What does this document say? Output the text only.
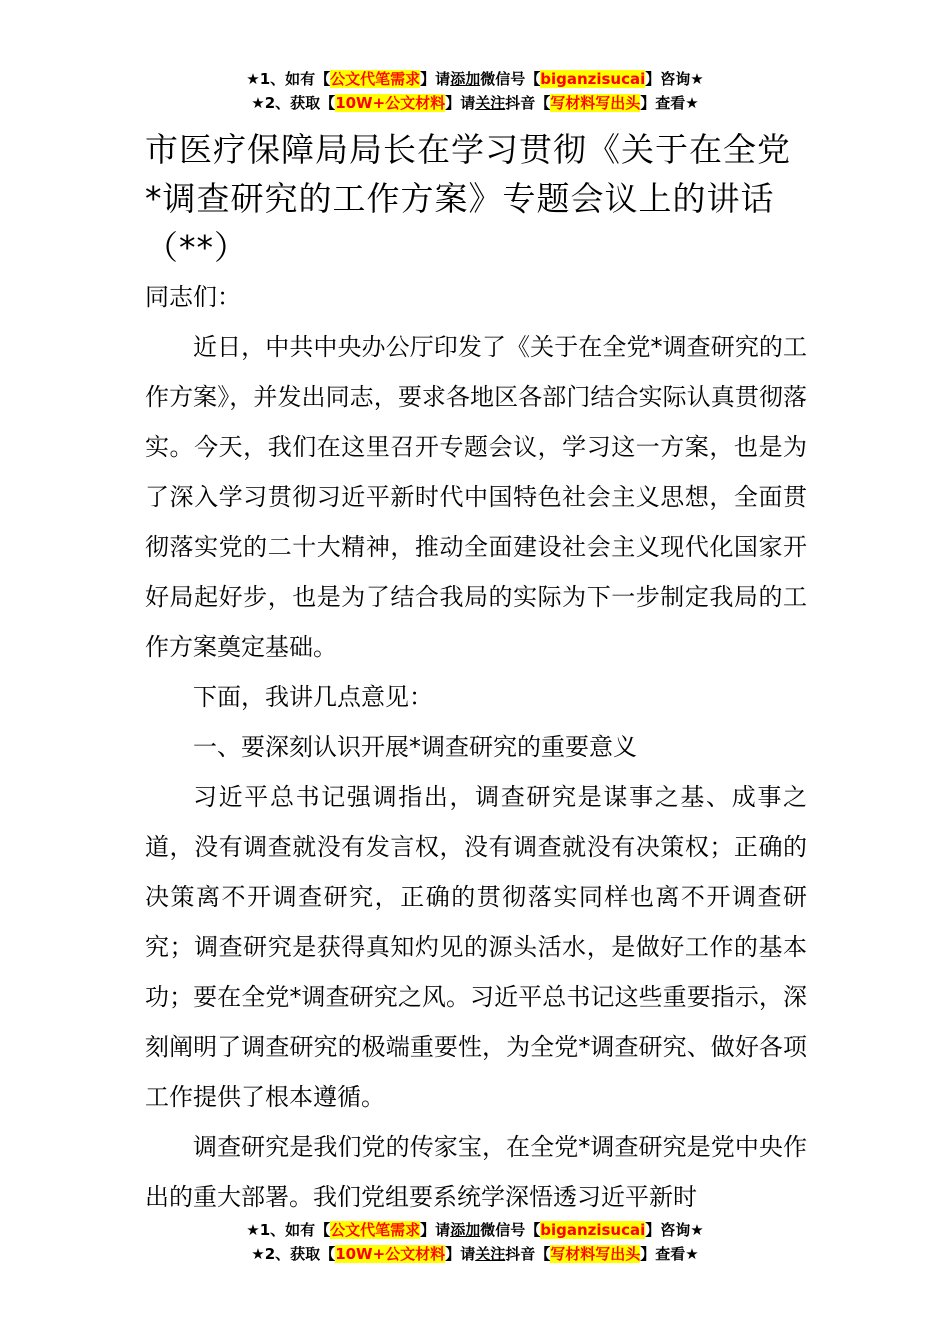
★1、如有【公文代笔需求】请添加微信号【biganzisucai】咨询★
★2、获取【10W+公文材料】请关注抖音【写材料写出头】查看★
市医疗保障局局长在学习贯彻《关于在全党*调查研究的工作方案》专题会议上的讲话（**）

同志们：

近日，中共中央办公厅印发了《关于在全党*调查研究的工作方案》，并发出同志，要求各地区各部门结合实际认真贯彻落实。今天，我们在这里召开专题会议，学习这一方案，也是为了深入学习贯彻习近平新时代中国特色社会主义思想，全面贯彻落实党的二十大精神，推动全面建设社会主义现代化国家开好局起好步，也是为了结合我局的实际为下一步制定我局的工作方案奠定基础。

下面，我讲几点意见：

一、要深刻认识开展*调查研究的重要意义

习近平总书记强调指出，调查研究是谋事之基、成事之道，没有调查就没有发言权，没有调查就没有决策权；正确的决策离不开调查研究，正确的贯彻落实同样也离不开调查研究；调查研究是获得真知灼见的源头活水，是做好工作的基本功；要在全党*调查研究之风。习近平总书记这些重要指示，深刻阐明了调查研究的极端重要性，为全党*调查研究、做好各项工作提供了根本遵循。

调查研究是我们党的传家宝，在全党*调查研究是党中央作出的重大部署。我们党组要系统学深悟透习近平新时

★1、如有【公文代笔需求】请添加微信号【biganzisucai】咨询★
★2、获取【10W+公文材料】请关注抖音【写材料写出头】查看★
